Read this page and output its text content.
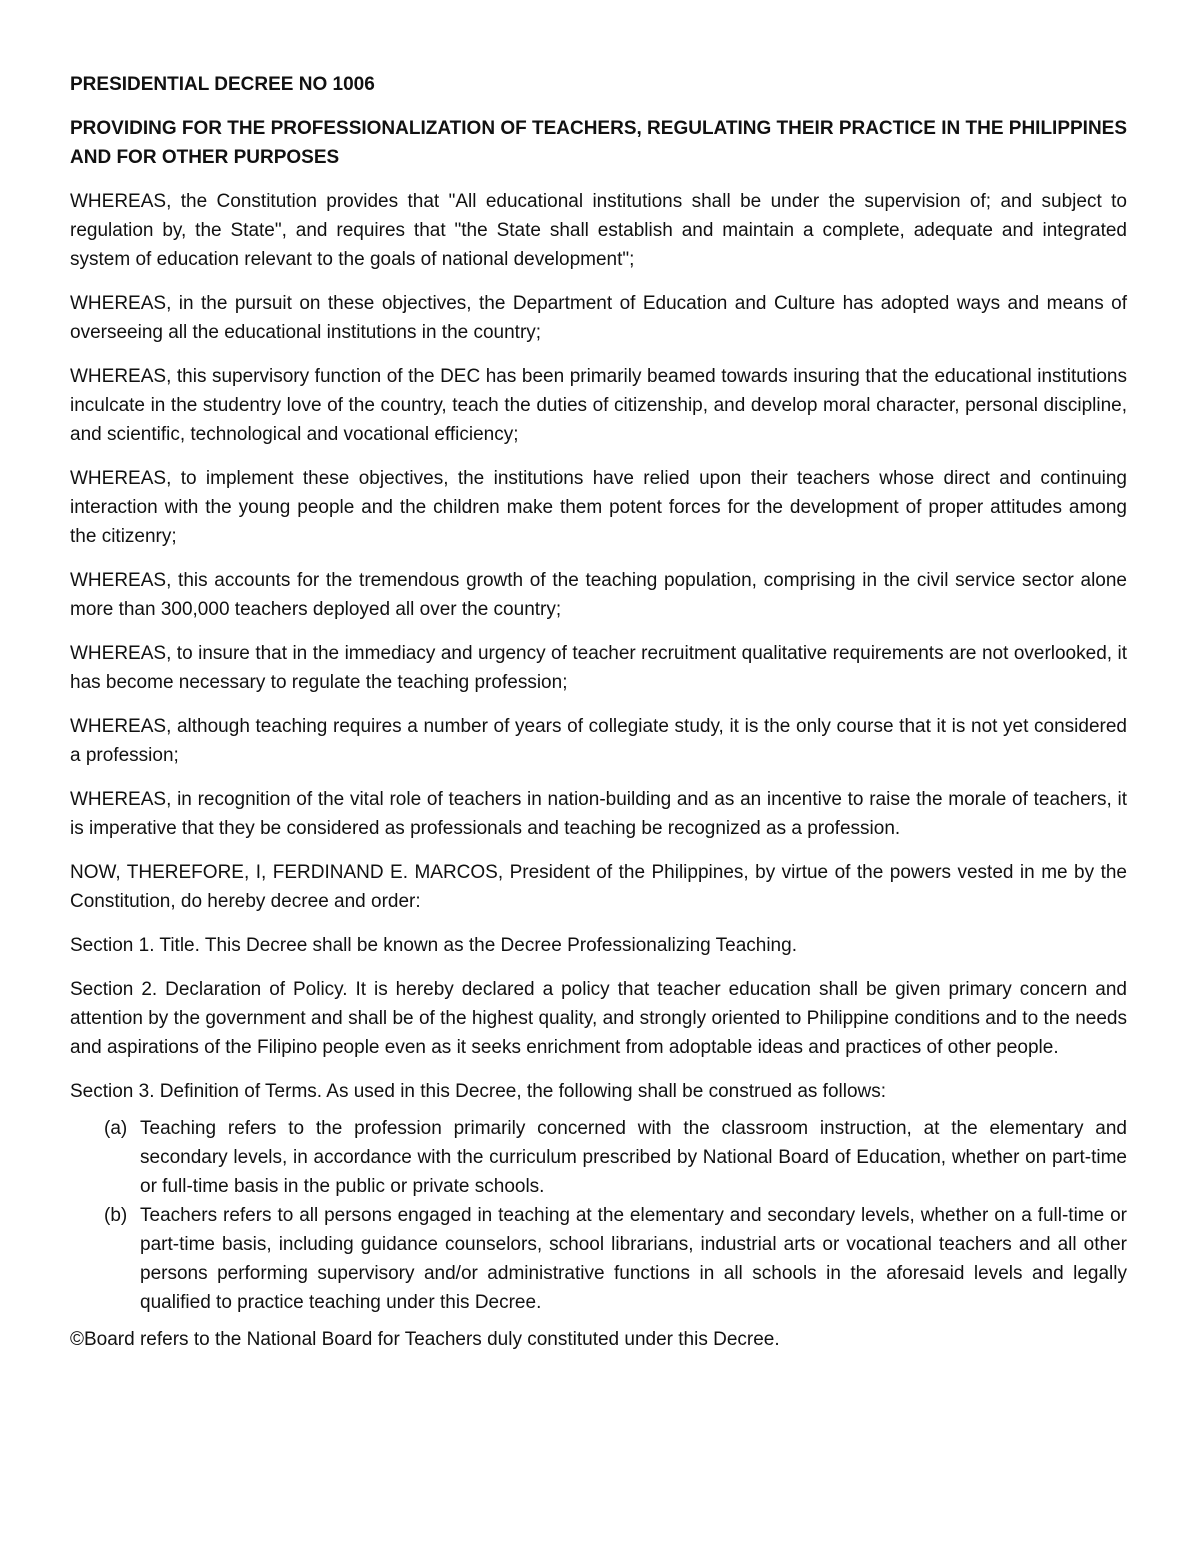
PRESIDENTIAL DECREE NO 1006
PROVIDING FOR THE PROFESSIONALIZATION OF TEACHERS, REGULATING THEIR PRACTICE IN THE PHILIPPINES AND FOR OTHER PURPOSES

WHEREAS, the Constitution provides that "All educational institutions shall be under the supervision of; and subject to regulation by, the State", and requires that "the State shall establish and maintain a complete, adequate and integrated system of education relevant to the goals of national development";

WHEREAS, in the pursuit on these objectives, the Department of Education and Culture has adopted ways and means of overseeing all the educational institutions in the country;

WHEREAS, this supervisory function of the DEC has been primarily beamed towards insuring that the educational institutions inculcate in the studentry love of the country, teach the duties of citizenship, and develop moral character, personal discipline, and scientific, technological and vocational efficiency;

WHEREAS, to implement these objectives, the institutions have relied upon their teachers whose direct and continuing interaction with the young people and the children make them potent forces for the development of proper attitudes among the citizenry;

WHEREAS, this accounts for the tremendous growth of the teaching population, comprising in the civil service sector alone more than 300,000 teachers deployed all over the country;

WHEREAS, to insure that in the immediacy and urgency of teacher recruitment qualitative requirements are not overlooked, it has become necessary to regulate the teaching profession;

WHEREAS, although teaching requires a number of years of collegiate study, it is the only course that it is not yet considered a profession;

WHEREAS, in recognition of the vital role of teachers in nation-building and as an incentive to raise the morale of teachers, it is imperative that they be considered as professionals and teaching be recognized as a profession.

NOW, THEREFORE, I, FERDINAND E. MARCOS, President of the Philippines, by virtue of the powers vested in me by the Constitution, do hereby decree and order:

Section 1. Title. This Decree shall be known as the Decree Professionalizing Teaching.

Section 2. Declaration of Policy. It is hereby declared a policy that teacher education shall be given primary concern and attention by the government and shall be of the highest quality, and strongly oriented to Philippine conditions and to the needs and aspirations of the Filipino people even as it seeks enrichment from adoptable ideas and practices of other people.

Section 3. Definition of Terms. As used in this Decree, the following shall be construed as follows:

(a) Teaching refers to the profession primarily concerned with the classroom instruction, at the elementary and secondary levels, in accordance with the curriculum prescribed by National Board of Education, whether on part-time or full-time basis in the public or private schools.
(b) Teachers refers to all persons engaged in teaching at the elementary and secondary levels, whether on a full-time or part-time basis, including guidance counselors, school librarians, industrial arts or vocational teachers and all other persons performing supervisory and/or administrative functions in all schools in the aforesaid levels and legally qualified to practice teaching under this Decree.

©Board refers to the National Board for Teachers duly constituted under this Decree.
